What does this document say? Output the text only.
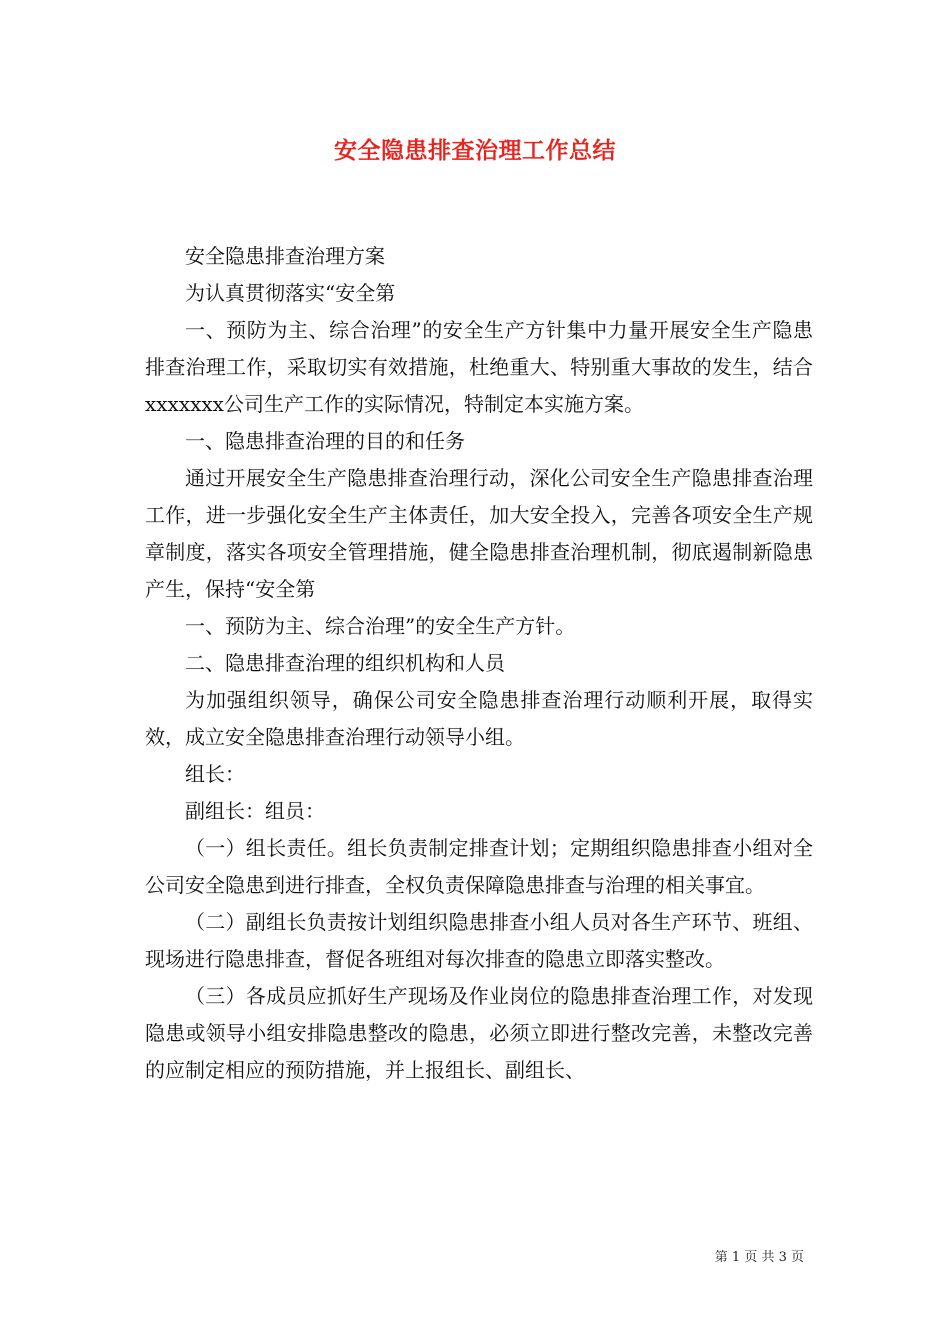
安全隐患排查治理工作总结

安全隐患排查治理方案

为认真贯彻落实“安全第

一、预防为主、综合治理”的安全生产方针集中力量开展安全生产隐患排查治理工作，采取切实有效措施，杜绝重大、特别重大事故的发生，结合xxxxxxx公司生产工作的实际情况，特制定本实施方案。

一、隐患排查治理的目的和任务

通过开展安全生产隐患排查治理行动，深化公司安全生产隐患排查治理工作，进一步强化安全生产主体责任，加大安全投入，完善各项安全生产规章制度，落实各项安全管理措施，健全隐患排查治理机制，彻底遏制新隐患产生，保持“安全第

一、预防为主、综合治理”的安全生产方针。

二、隐患排查治理的组织机构和人员

为加强组织领导，确保公司安全隐患排查治理行动顺利开展，取得实效，成立安全隐患排查治理行动领导小组。

组长：

副组长：组员：

（一）组长责任。组长负责制定排查计划；定期组织隐患排查小组对全公司安全隐患到进行排查，全权负责保障隐患排查与治理的相关事宜。

（二）副组长负责按计划组织隐患排查小组人员对各生产环节、班组、现场进行隐患排查，督促各班组对每次排查的隐患立即落实整改。

（三）各成员应抓好生产现场及作业岗位的隐患排查治理工作，对发现隐患或领导小组安排隐患整改的隐患，必须立即进行整改完善，未整改完善的应制定相应的预防措施，并上报组长、副组长、

第 1 页 共 3 页
